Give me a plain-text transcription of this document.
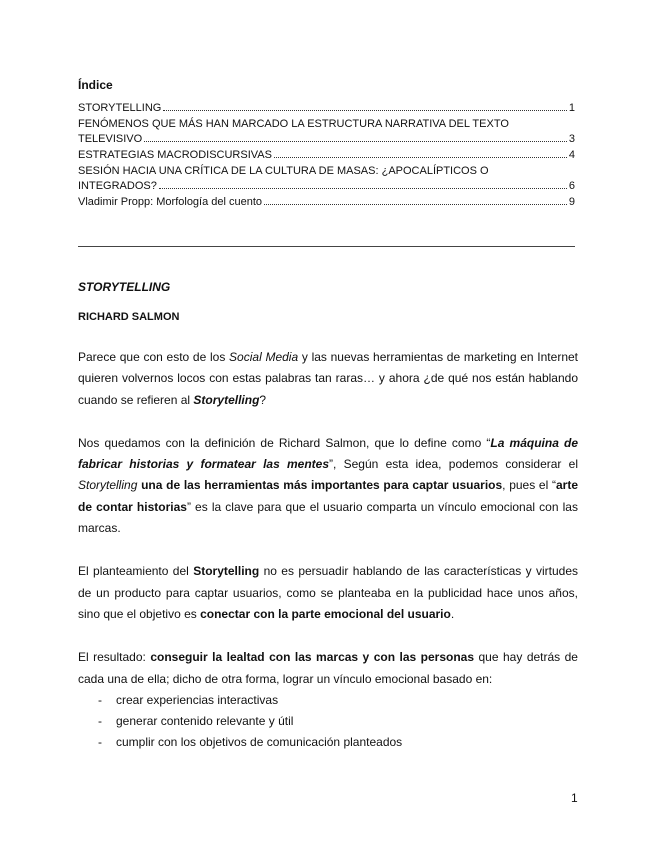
Índice
STORYTELLING	1
FENÓMENOS QUE MÁS HAN MARCADO LA ESTRUCTURA NARRATIVA DEL TEXTO
TELEVISIVO	3
ESTRATEGIAS MACRODISCURSIVAS	4
SESIÓN HACIA UNA CRÍTICA DE LA CULTURA DE MASAS: ¿APOCALÍPTICOS O
INTEGRADOS?	6
Vladimir Propp: Morfología del cuento	9
STORYTELLING
RICHARD SALMON

Parece que con esto de los Social Media y las nuevas herramientas de marketing en Internet quieren volvernos locos con estas palabras tan raras… y ahora ¿de qué nos están hablando cuando se refieren al Storytelling?

Nos quedamos con la definición de Richard Salmon, que lo define como “La máquina de fabricar historias y formatear las mentes”, Según esta idea, podemos considerar el Storytelling una de las herramientas más importantes para captar usuarios, pues el “arte de contar historias” es la clave para que el usuario comparta un vínculo emocional con las marcas.

El planteamiento del Storytelling no es persuadir hablando de las características y virtudes de un producto para captar usuarios, como se planteaba en la publicidad hace unos años, sino que el objetivo es conectar con la parte emocional del usuario.

El resultado: conseguir la lealtad con las marcas y con las personas que hay detrás de cada una de ella; dicho de otra forma, lograr un vínculo emocional basado en:

- crear experiencias interactivas
- generar contenido relevante y útil
- cumplir con los objetivos de comunicación planteados
1
